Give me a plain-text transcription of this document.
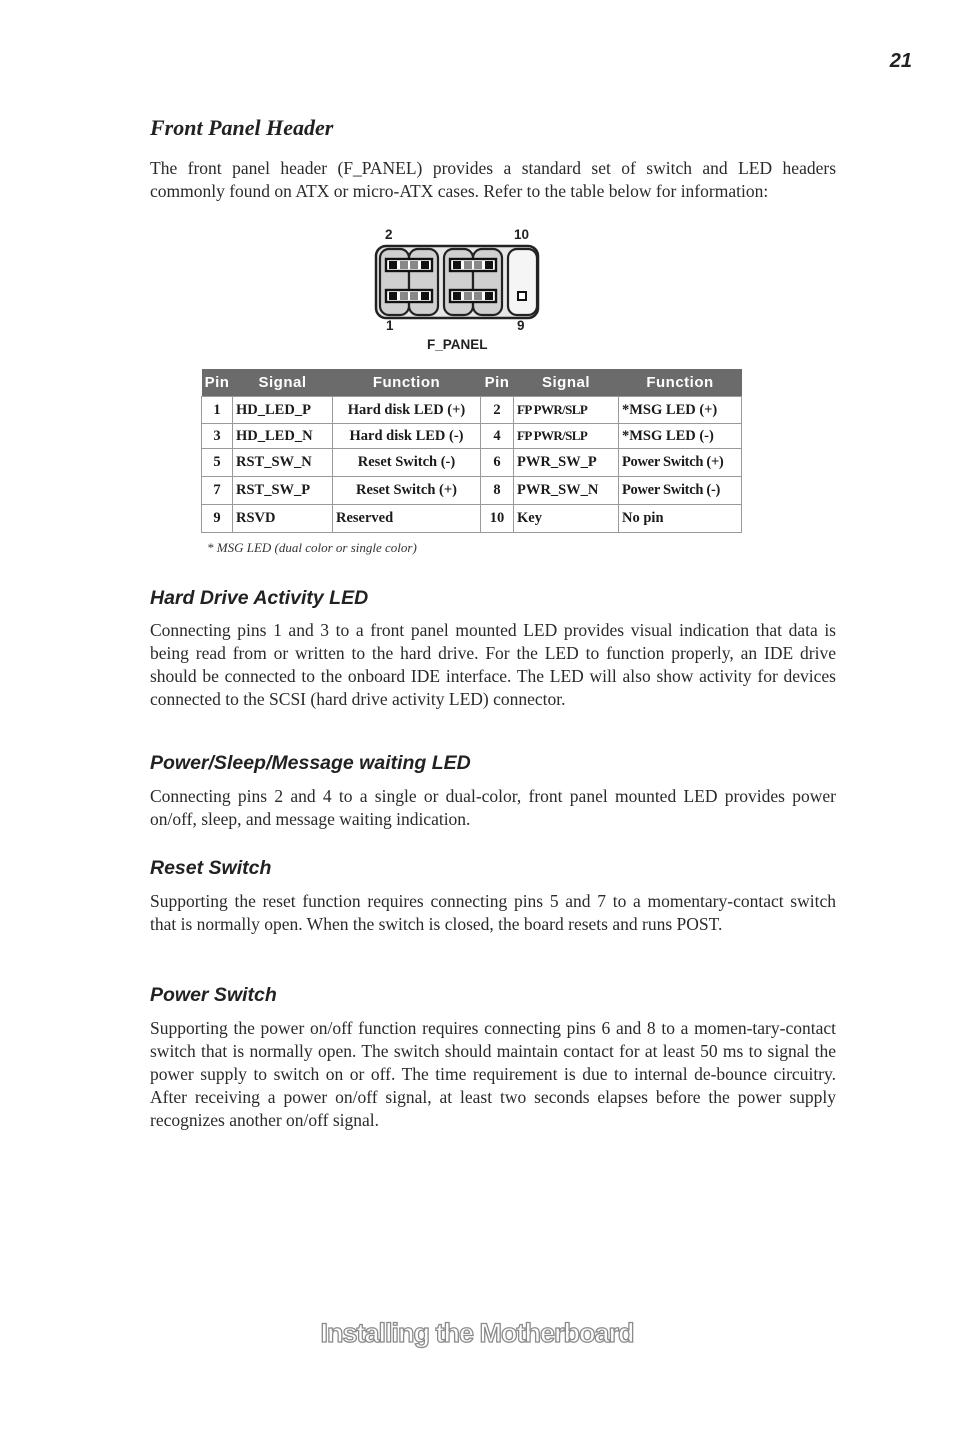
21
Front Panel Header

The front panel header (F_PANEL) provides a standard set of switch and LED headers commonly found on ATX or micro-ATX cases. Refer to the table below for information:

2	10
1	9
F_PANEL
Pin	Signal	Function	Pin	Signal	Function
1	HD_LED_P	Hard disk LED (+)	2	FP PWR/SLP	*MSG LED (+)
3	HD_LED_N	Hard disk LED (-)	4	FP PWR/SLP	*MSG LED (-)
5	RST_SW_N	Reset Switch (-)	6	PWR_SW_P	Power Switch (+)
7	RST_SW_P	Reset Switch (+)	8	PWR_SW_N	Power Switch (-)
9	RSVD	Reserved	10	Key	No pin
* MSG LED (dual color or single color)
Hard Drive Activity LED

Connecting pins 1 and 3 to a front panel mounted LED provides visual indication that data is being read from or written to the hard drive. For the LED to function properly, an IDE drive should be connected to the onboard IDE interface. The LED will also show activity for devices connected to the SCSI (hard drive activity LED) connector.

Power/Sleep/Message waiting LED

Connecting pins 2 and 4 to a single or dual-color, front panel mounted LED provides power on/off, sleep, and message waiting indication.

Reset Switch

Supporting the reset function requires connecting pins 5 and 7 to a momentary-contact switch that is normally open. When the switch is closed, the board resets and runs POST.

Power Switch

Supporting the power on/off function requires connecting pins 6 and 8 to a momen-tary-contact switch that is normally open. The switch should maintain contact for at least 50 ms to signal the power supply to switch on or off. The time requirement is due to internal de-bounce circuitry. After receiving a power on/off signal, at least two seconds elapses before the power supply recognizes another on/off signal.

Installing the Motherboard
